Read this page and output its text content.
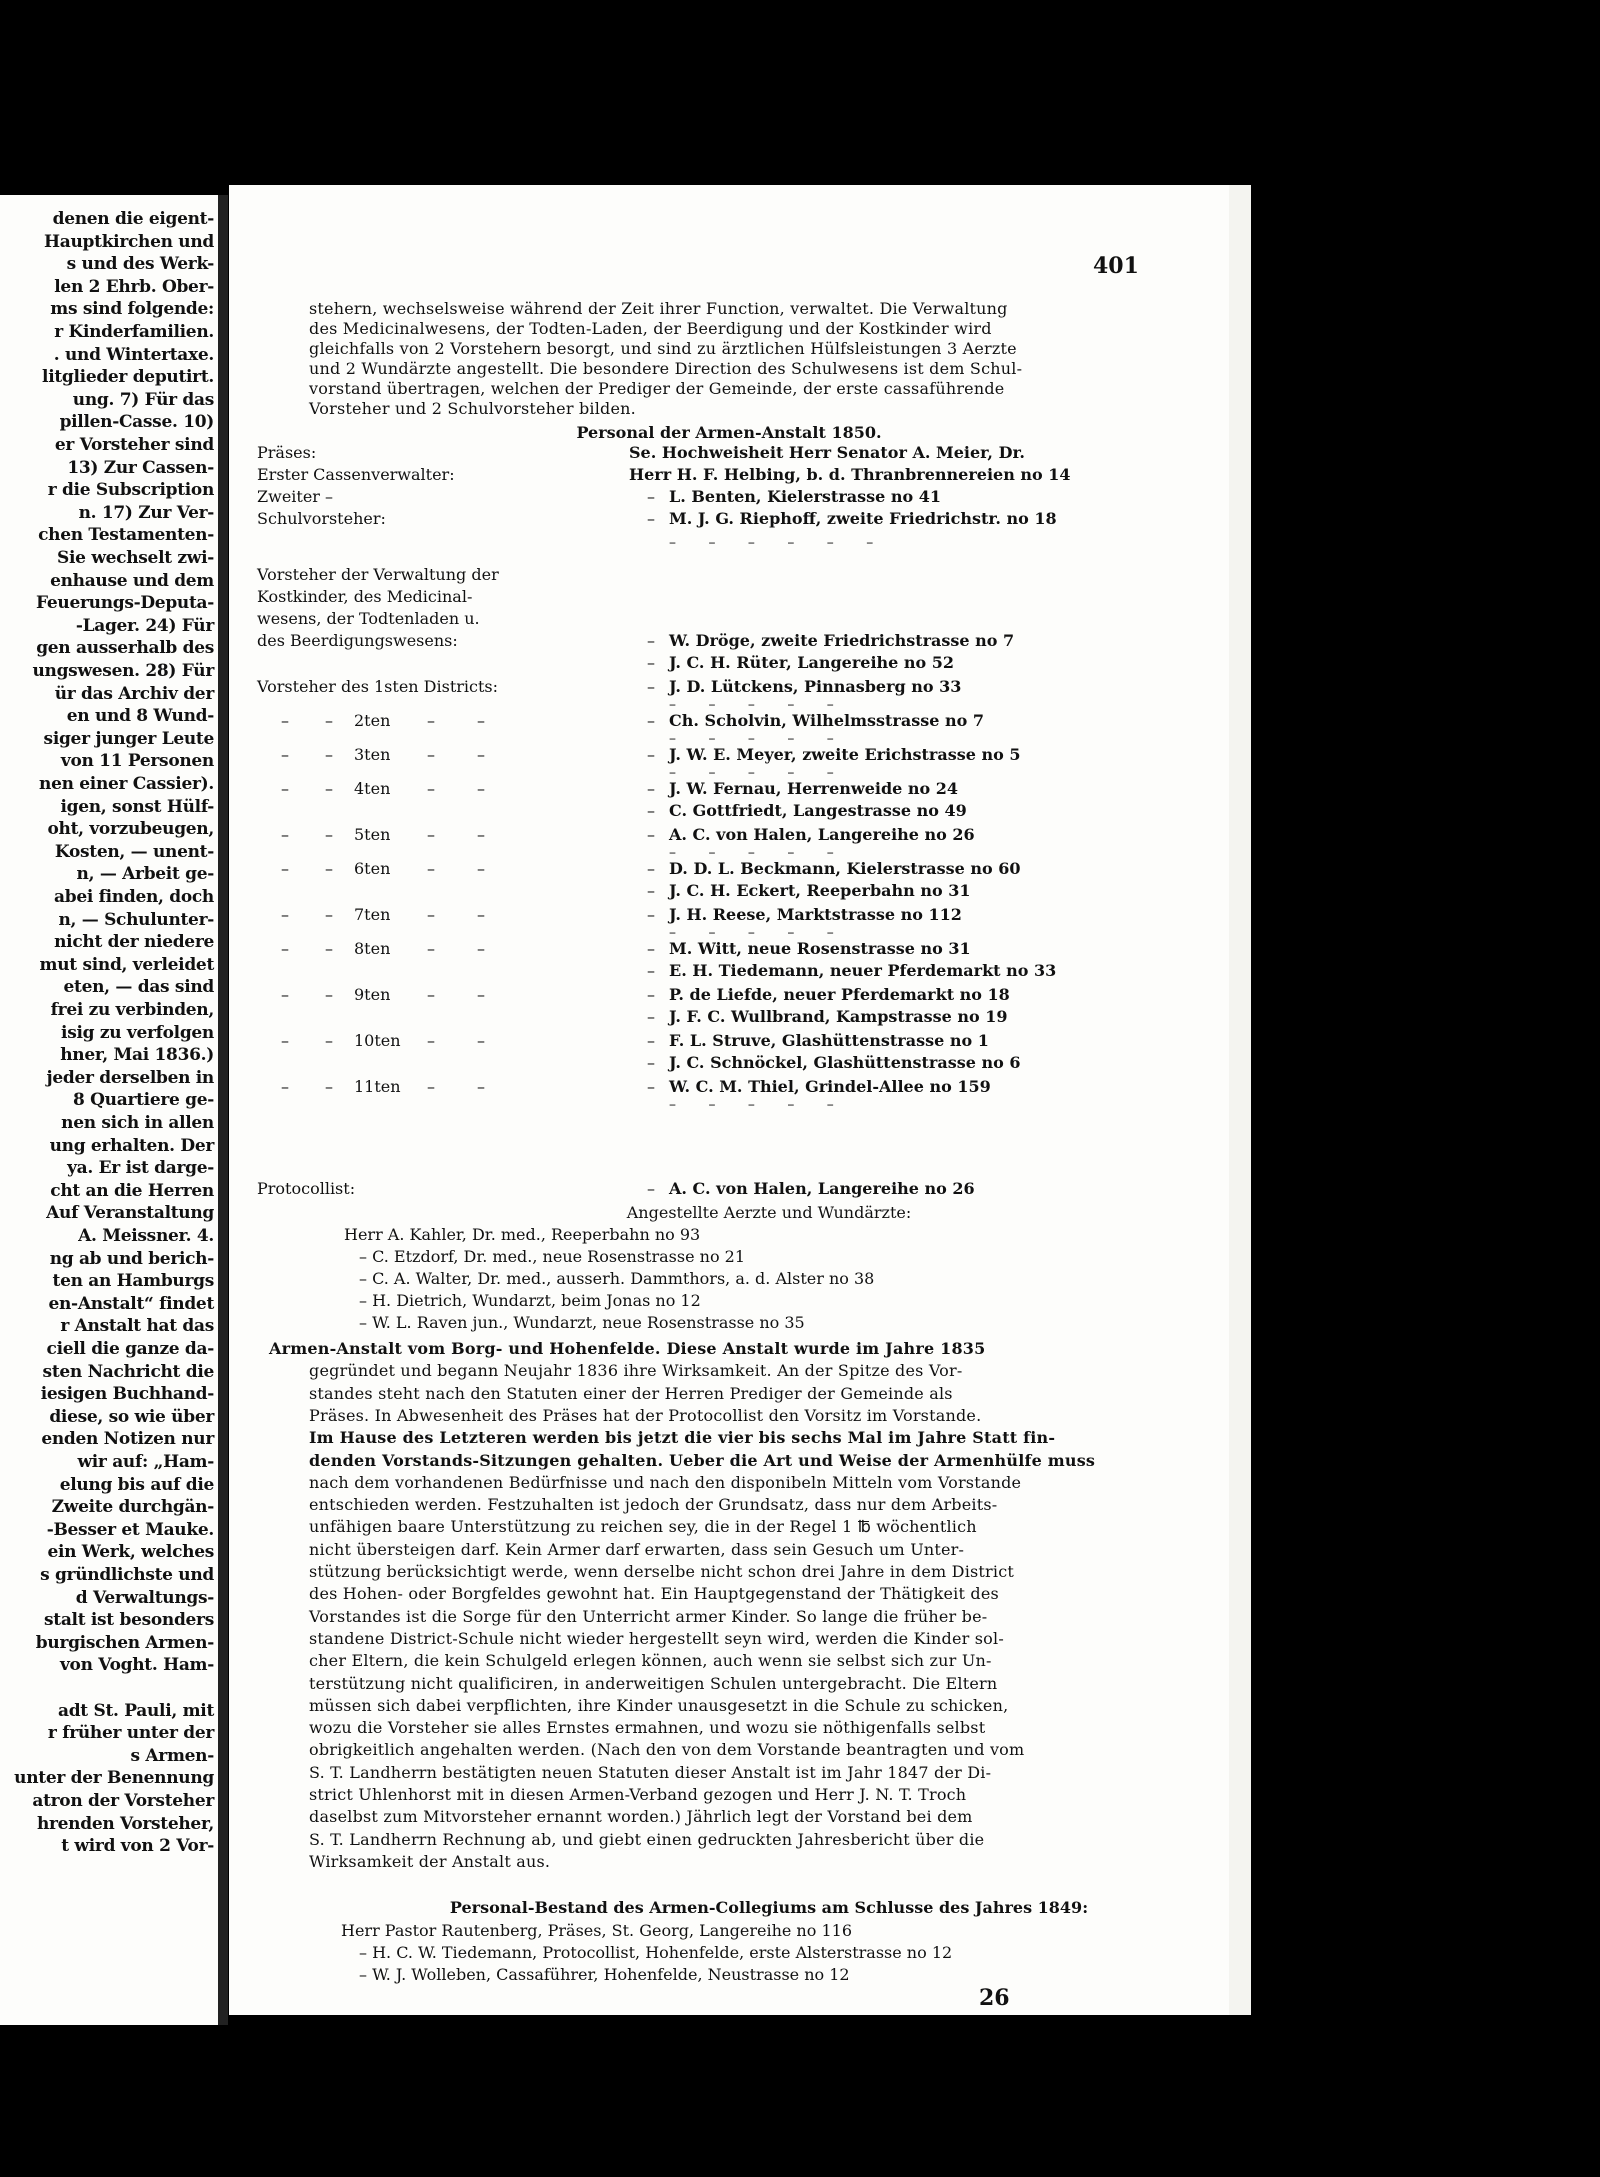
denen die eigent-
Hauptkirchen und
s und des Werk-
len 2 Ehrb. Ober-
ms sind folgende:
r Kinderfamilien.
. und Wintertaxe.
litglieder deputirt.
ung. 7) Für das
pillen-Casse. 10)
er Vorsteher sind
13) Zur Cassen-
r die Subscription
n. 17) Zur Ver-
chen Testamenten-
Sie wechselt zwi-
enhause und dem
Feuerungs-Deputa-
-Lager. 24) Für
gen ausserhalb des
ungswesen. 28) Für
ür das Archiv der
en und 8 Wund-
siger junger Leute
von 11 Personen
nen einer Cassier).
igen, sonst Hülf-
oht, vorzubeugen,
Kosten, — unent-
n, — Arbeit ge-
abei finden, doch
n, — Schulunter-
nicht der niedere
mut sind, verleidet
eten, — das sind
frei zu verbinden,
isig zu verfolgen
hner, Mai 1836.)
jeder derselben in
8 Quartiere ge-
nen sich in allen
ung erhalten. Der
ya. Er ist darge-
cht an die Herren
Auf Veranstaltung
A. Meissner. 4.
ng ab und berich-
ten an Hamburgs
en-Anstalt“ findet
r Anstalt hat das
ciell die ganze da-
sten Nachricht die
iesigen Buchhand-
diese, so wie über
enden Notizen nur
wir auf: „Ham-
elung bis auf die
Zweite durchgän-
-Besser et Mauke.
ein Werk, welches
s gründlichste und
d Verwaltungs-
stalt ist besonders
burgischen Armen-
von Voght. Ham-
adt St. Pauli, mit
r früher unter der
s Armen-
unter der Benennung
atron der Vorsteher
hrenden Vorsteher,
t wird von 2 Vor-
401
stehern, wechselsweise während der Zeit ihrer Function, verwaltet. Die Verwaltung
des Medicinalwesens, der Todten-Laden, der Beerdigung und der Kostkinder wird
gleichfalls von 2 Vorstehern besorgt, und sind zu ärztlichen Hülfsleistungen 3 Aerzte
und 2 Wundärzte angestellt. Die besondere Direction des Schulwesens ist dem Schul-
vorstand übertragen, welchen der Prediger der Gemeinde, der erste cassaführende
Vorsteher und 2 Schulvorsteher bilden.
Personal der Armen-Anstalt 1850.
Präses:	Se. Hochweisheit Herr Senator A. Meier, Dr.
Erster Cassenverwalter:	Herr H. F. Helbing, b. d. Thranbrennereien no 14
Zweiter –	– L. Benten, Kielerstrasse no 41
Schulvorsteher:	– M. J. G. Riephoff, zweite Friedrichstr. no 18
– – – – – –
Vorsteher der Verwaltung der
Kostkinder, des Medicinal-
wesens, der Todtenladen u.
des Beerdigungswesens:	– W. Dröge, zweite Friedrichstrasse no 7
– J. C. H. Rüter, Langereihe no 52
Vorsteher des 1sten Districts:	– J. D. Lütckens, Pinnasberg no 33
– – – – –
– – 2ten –	–	– Ch. Scholvin, Wilhelmsstrasse no 7
– – – – –
– – 3ten –	–	– J. W. E. Meyer, zweite Erichstrasse no 5
– – – – –
– – 4ten –	–	– J. W. Fernau, Herrenweide no 24
– C. Gottfriedt, Langestrasse no 49
– – 5ten –	–	– A. C. von Halen, Langereihe no 26
– – – – –
– – 6ten –	–	– D. D. L. Beckmann, Kielerstrasse no 60
– J. C. H. Eckert, Reeperbahn no 31
– – 7ten –	–	– J. H. Reese, Marktstrasse no 112
– – – – –
– – 8ten –	–	– M. Witt, neue Rosenstrasse no 31
– E. H. Tiedemann, neuer Pferdemarkt no 33
– – 9ten –	–	– P. de Liefde, neuer Pferdemarkt no 18
– J. F. C. Wullbrand, Kampstrasse no 19
– – 10ten –	–	– F. L. Struve, Glashüttenstrasse no 1
– J. C. Schnöckel, Glashüttenstrasse no 6
– – 11ten –	–	– W. C. M. Thiel, Grindel-Allee no 159
– – – – –
Protocollist:	– A. C. von Halen, Langereihe no 26
Angestellte Aerzte und Wundärzte:
Herr A. Kahler, Dr. med., Reeperbahn no 93
– C. Etzdorf, Dr. med., neue Rosenstrasse no 21
– C. A. Walter, Dr. med., ausserh. Dammthors, a. d. Alster no 38
– H. Dietrich, Wundarzt, beim Jonas no 12
– W. L. Raven jun., Wundarzt, neue Rosenstrasse no 35
Armen-Anstalt vom Borg- und Hohenfelde. Diese Anstalt wurde im Jahre 1835
gegründet und begann Neujahr 1836 ihre Wirksamkeit. An der Spitze des Vor-
standes steht nach den Statuten einer der Herren Prediger der Gemeinde als
Präses. In Abwesenheit des Präses hat der Protocollist den Vorsitz im Vorstande.
Im Hause des Letzteren werden bis jetzt die vier bis sechs Mal im Jahre Statt fin-
denden Vorstands-Sitzungen gehalten. Ueber die Art und Weise der Armenhülfe muss
nach dem vorhandenen Bedürfnisse und nach den disponibeln Mitteln vom Vorstande
entschieden werden. Festzuhalten ist jedoch der Grundsatz, dass nur dem Arbeits-
unfähigen baare Unterstützung zu reichen sey, die in der Regel 1 ℔ wöchentlich
nicht übersteigen darf. Kein Armer darf erwarten, dass sein Gesuch um Unter-
stützung berücksichtigt werde, wenn derselbe nicht schon drei Jahre in dem District
des Hohen- oder Borgfeldes gewohnt hat. Ein Hauptgegenstand der Thätigkeit des
Vorstandes ist die Sorge für den Unterricht armer Kinder. So lange die früher be-
standene District-Schule nicht wieder hergestellt seyn wird, werden die Kinder sol-
cher Eltern, die kein Schulgeld erlegen können, auch wenn sie selbst sich zur Un-
terstützung nicht qualificiren, in anderweitigen Schulen untergebracht. Die Eltern
müssen sich dabei verpflichten, ihre Kinder unausgesetzt in die Schule zu schicken,
wozu die Vorsteher sie alles Ernstes ermahnen, und wozu sie nöthigenfalls selbst
obrigkeitlich angehalten werden. (Nach den von dem Vorstande beantragten und vom
S. T. Landherrn bestätigten neuen Statuten dieser Anstalt ist im Jahr 1847 der Di-
strict Uhlenhorst mit in diesen Armen-Verband gezogen und Herr J. N. T. Troch
daselbst zum Mitvorsteher ernannt worden.) Jährlich legt der Vorstand bei dem
S. T. Landherrn Rechnung ab, und giebt einen gedruckten Jahresbericht über die
Wirksamkeit der Anstalt aus.
Personal-Bestand des Armen-Collegiums am Schlusse des Jahres 1849:
Herr Pastor Rautenberg, Präses, St. Georg, Langereihe no 116
– H. C. W. Tiedemann, Protocollist, Hohenfelde, erste Alsterstrasse no 12
– W. J. Wolleben, Cassaführer, Hohenfelde, Neustrasse no 12
26
